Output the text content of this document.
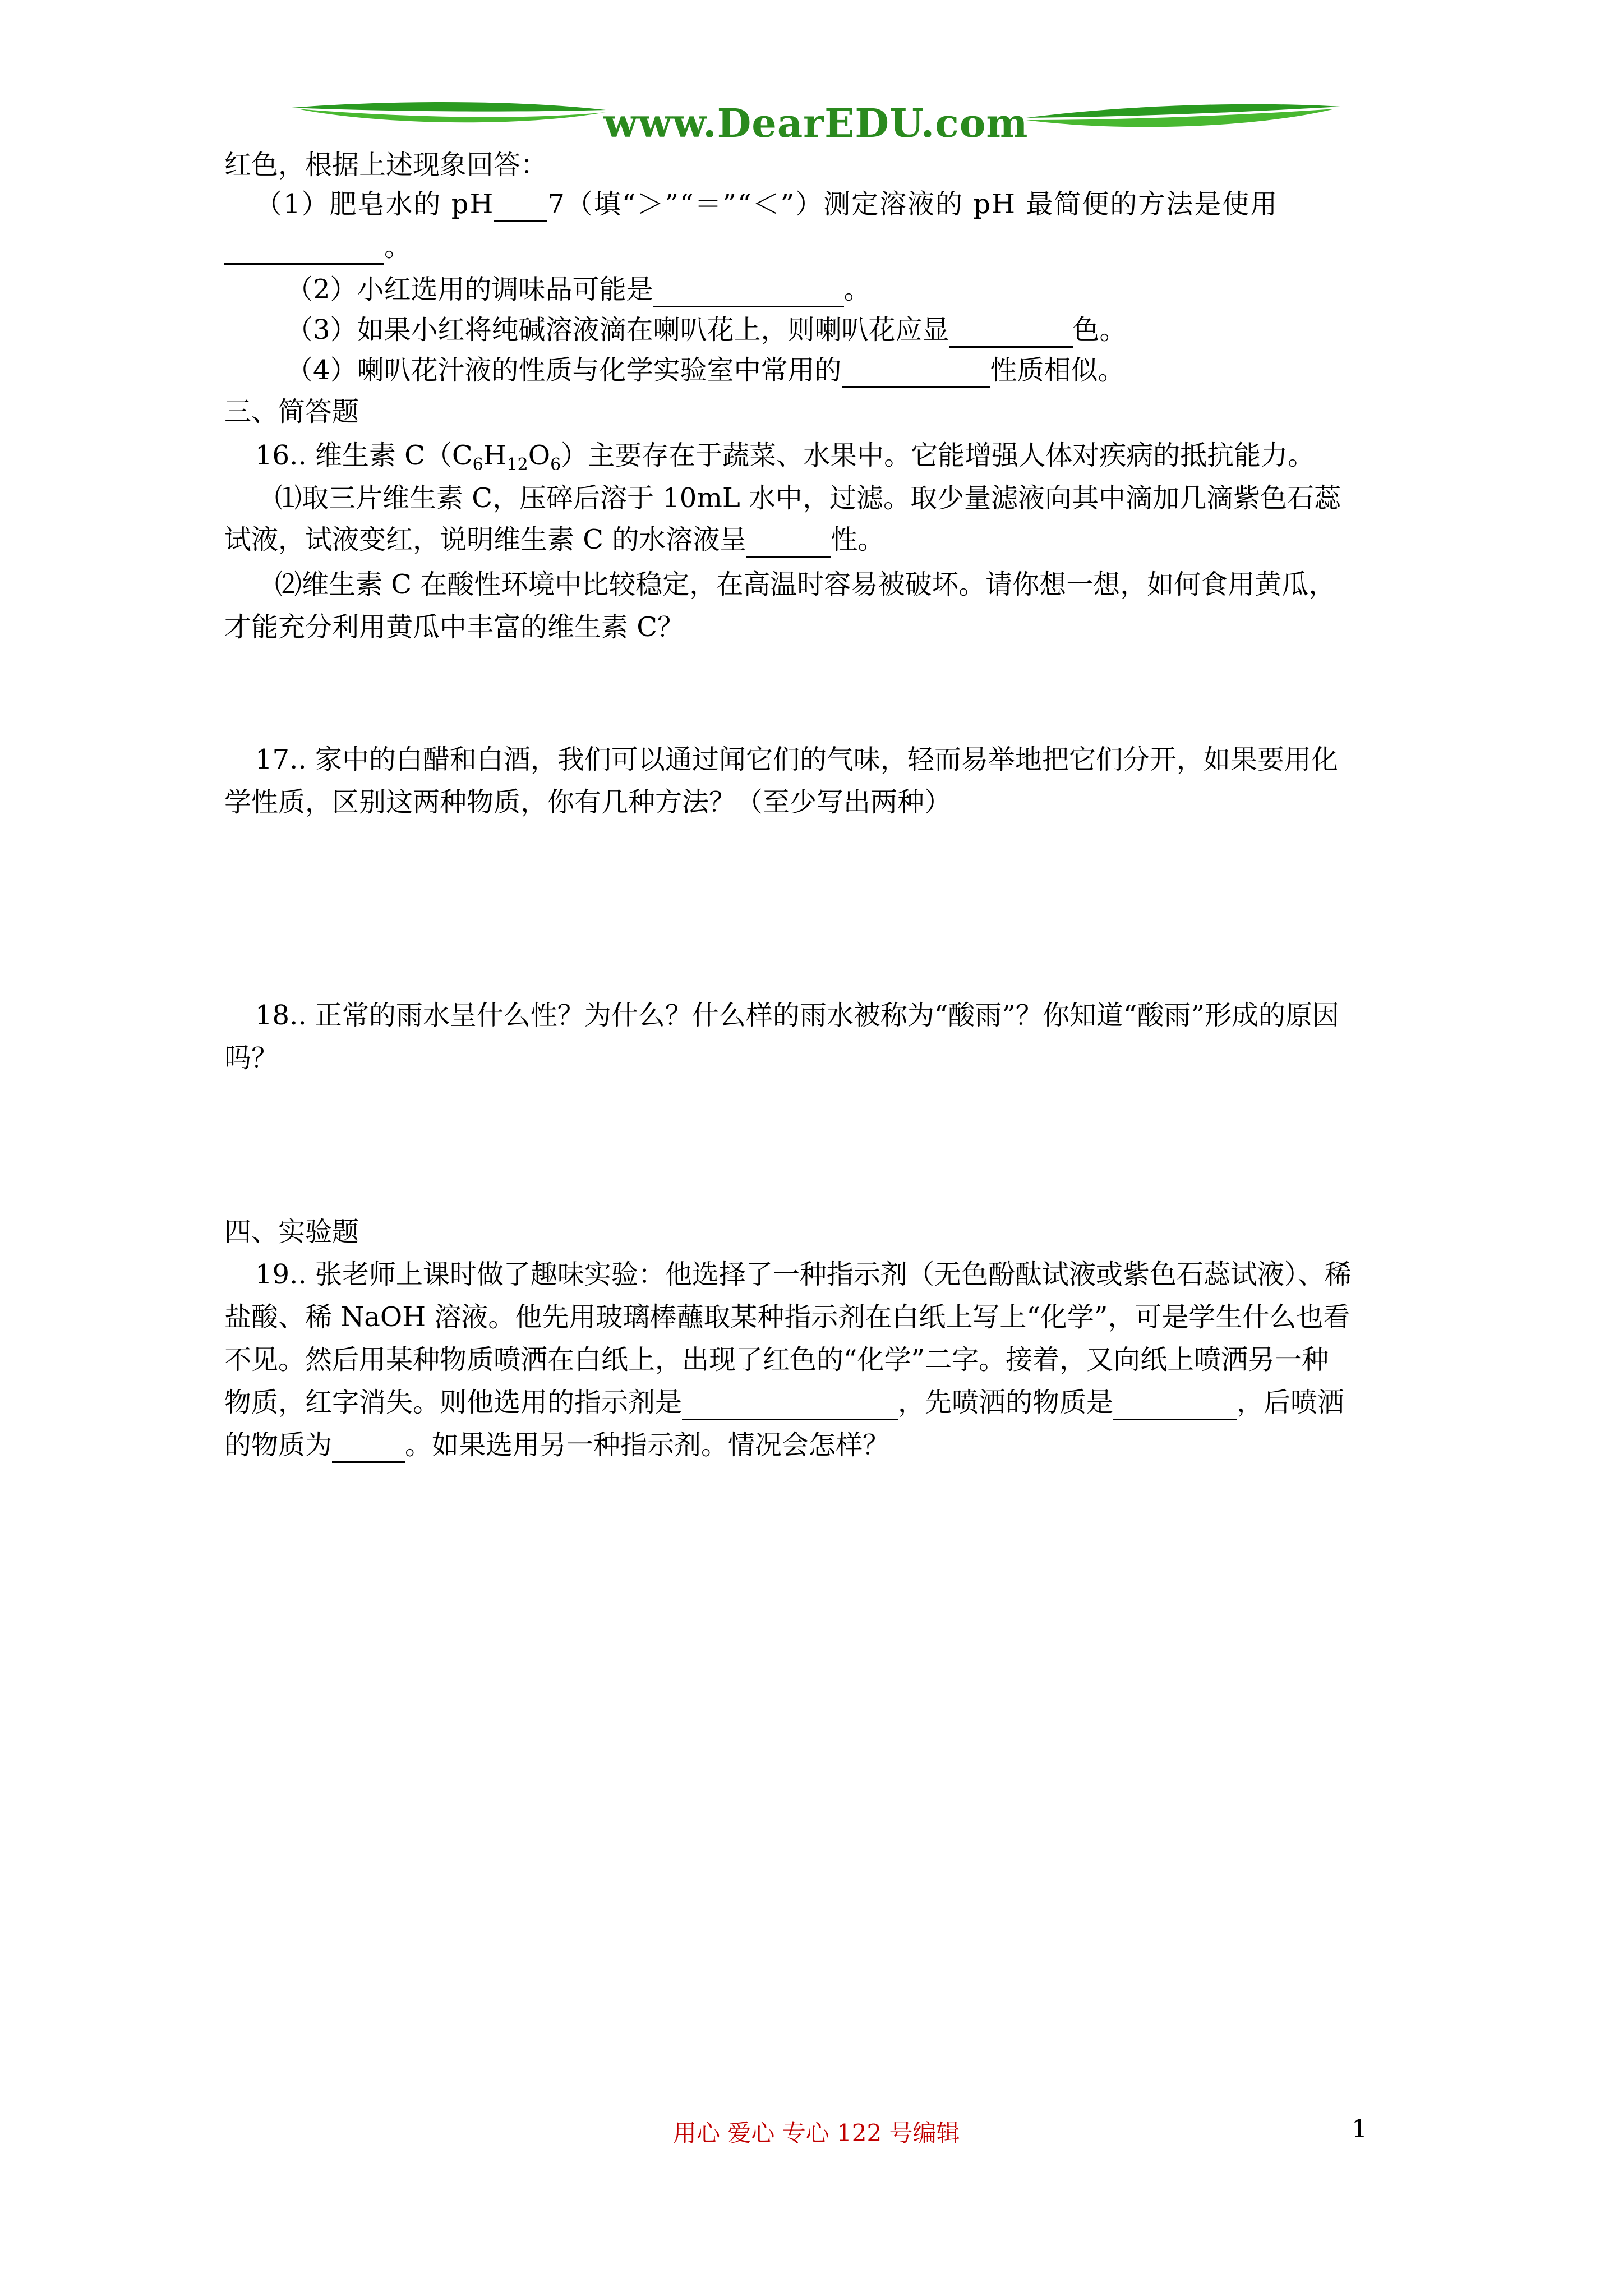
www.DearEDU.com
红色，根据上述现象回答：
（1）肥皂水的 pH 7（填“＞”“＝”“＜”）测定溶液的 pH 最简便的方法是使用
。
（2）小红选用的调味品可能是	。
（3）如果小红将纯碱溶液滴在喇叭花上，则喇叭花应显	色。
（4）喇叭花汁液的性质与化学实验室中常用的	性质相似。
三、简答题
16.. 维生素 $C(C_6H_{12}O_6)$主要存在于蔬菜、水果中。它能增强人体对疾病的抵抗能力。
⑴取三片维生素 C，压碎后溶于 10mL 水中，过滤。取少量滤液向其中滴加几滴紫色石蕊
试液，试液变红，说明维生素 C 的水溶液呈	性。
⑵维生素 C 在酸性环境中比较稳定，在高温时容易被破坏。请你想一想，如何食用黄瓜，
才能充分利用黄瓜中丰富的维生素 C？
17.. 家中的白醋和白酒，我们可以通过闻它们的气味，轻而易举地把它们分开，如果要用化
学性质，区别这两种物质，你有几种方法？（至少写出两种）
18.. 正常的雨水呈什么性？为什么？什么样的雨水被称为“酸雨”？你知道“酸雨”形成的原因
吗？
四、实验题
19.. 张老师上课时做了趣味实验：他选择了一种指示剂（无色酚酞试液或紫色石蕊试液）、稀
盐酸、稀 NaOH 溶液。他先用玻璃棒蘸取某种指示剂在白纸上写上“化学”，可是学生什么也看
不见。然后用某种物质喷洒在白纸上，出现了红色的“化学”二字。接着，又向纸上喷洒另一种
物质，红字消失。则他选用的指示剂是	，先喷洒的物质是	，后喷洒
的物质为	。如果选用另一种指示剂。情况会怎样？
用心 爱心 专心 122 号编辑	1
